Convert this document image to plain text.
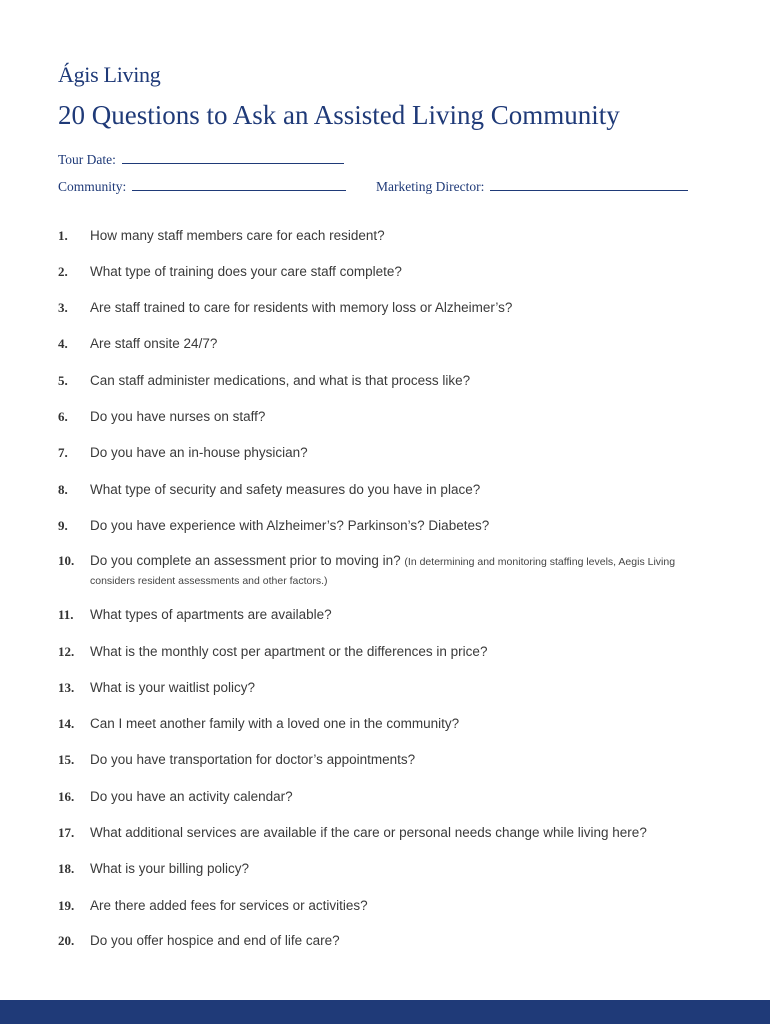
Ágis Living
20 Questions to Ask an Assisted Living Community
Tour Date:
Community:	Marketing Director:
1.	How many staff members care for each resident?
2.	What type of training does your care staff complete?
3.	Are staff trained to care for residents with memory loss or Alzheimer’s?
4.	Are staff onsite 24/7?
5.	Can staff administer medications, and what is that process like?
6.	Do you have nurses on staff?
7.	Do you have an in-house physician?
8.	What type of security and safety measures do you have in place?
9.	Do you have experience with Alzheimer’s? Parkinson’s? Diabetes?
10.	Do you complete an assessment prior to moving in? (In determining and monitoring staffing levels, Aegis Living considers resident assessments and other factors.)
11.	What types of apartments are available?
12.	What is the monthly cost per apartment or the differences in price?
13.	What is your waitlist policy?
14.	Can I meet another family with a loved one in the community?
15.	Do you have transportation for doctor’s appointments?
16.	Do you have an activity calendar?
17.	What additional services are available if the care or personal needs change while living here?
18.	What is your billing policy?
19.	Are there added fees for services or activities?
20.	Do you offer hospice and end of life care?
